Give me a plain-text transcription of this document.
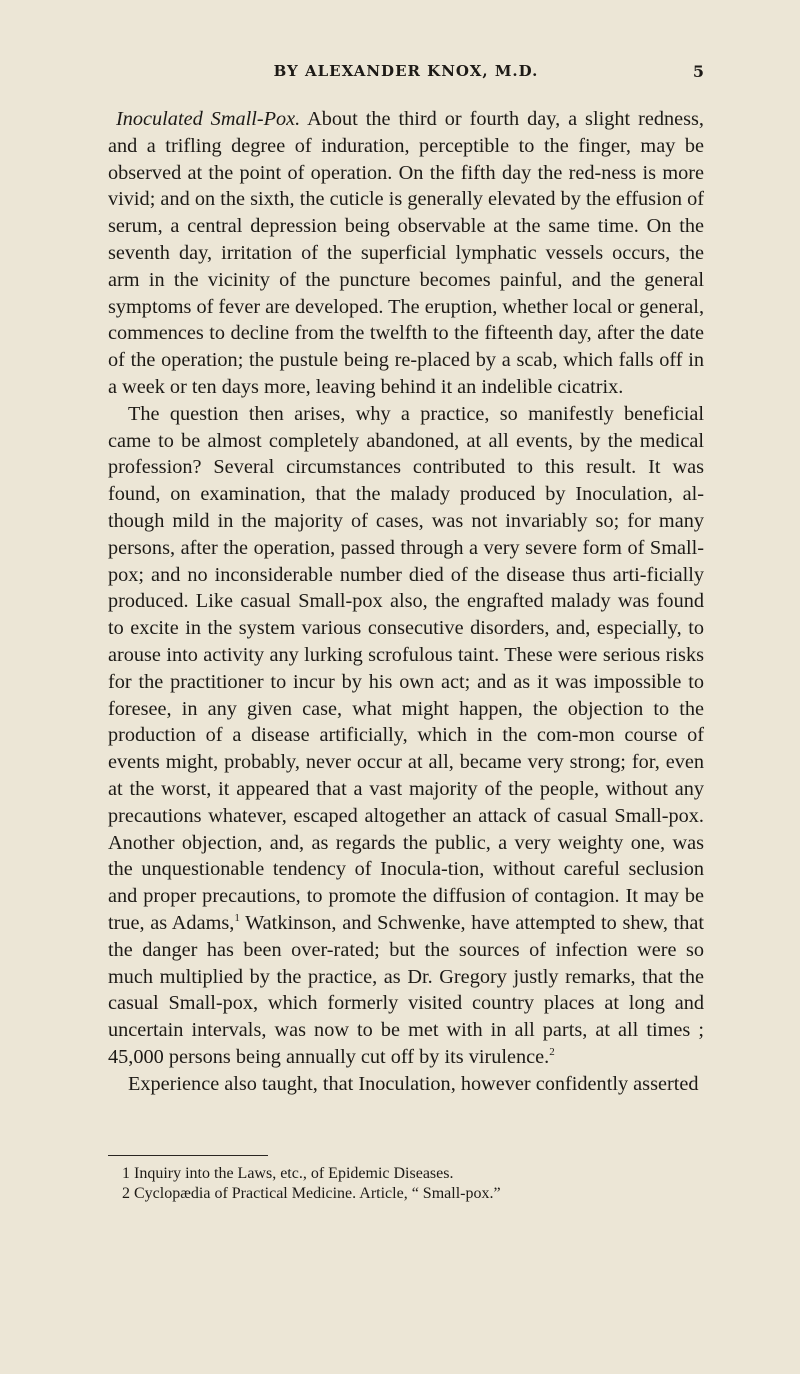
BY ALEXANDER KNOX, M.D.	5

Inoculated Small-Pox. About the third or fourth day, a slight redness, and a trifling degree of induration, perceptible to the finger, may be observed at the point of operation. On the fifth day the red-ness is more vivid; and on the sixth, the cuticle is generally elevated by the effusion of serum, a central depression being observable at the same time. On the seventh day, irritation of the superficial lymphatic vessels occurs, the arm in the vicinity of the puncture becomes painful, and the general symptoms of fever are developed. The eruption, whether local or general, commences to decline from the twelfth to the fifteenth day, after the date of the operation; the pustule being re-placed by a scab, which falls off in a week or ten days more, leaving behind it an indelible cicatrix.

The question then arises, why a practice, so manifestly beneficial came to be almost completely abandoned, at all events, by the medical profession? Several circumstances contributed to this result. It was found, on examination, that the malady produced by Inoculation, al-though mild in the majority of cases, was not invariably so; for many persons, after the operation, passed through a very severe form of Small-pox; and no inconsiderable number died of the disease thus arti-ficially produced. Like casual Small-pox also, the engrafted malady was found to excite in the system various consecutive disorders, and, especially, to arouse into activity any lurking scrofulous taint. These were serious risks for the practitioner to incur by his own act; and as it was impossible to foresee, in any given case, what might happen, the objection to the production of a disease artificially, which in the com-mon course of events might, probably, never occur at all, became very strong; for, even at the worst, it appeared that a vast majority of the people, without any precautions whatever, escaped altogether an attack of casual Small-pox. Another objection, and, as regards the public, a very weighty one, was the unquestionable tendency of Inocula-tion, without careful seclusion and proper precautions, to promote the diffusion of contagion. It may be true, as Adams,$^1$ Watkinson, and Schwenke, have attempted to shew, that the danger has been over-rated; but the sources of infection were so much multiplied by the practice, as Dr. Gregory justly remarks, that the casual Small-pox, which formerly visited country places at long and uncertain intervals, was now to be met with in all parts, at all times ; 45,000 persons being annually cut off by its virulence.$^2$

Experience also taught, that Inoculation, however confidently asserted

1 Inquiry into the Laws, etc., of Epidemic Diseases.
2 Cyclopædia of Practical Medicine. Article, “ Small-pox.”
